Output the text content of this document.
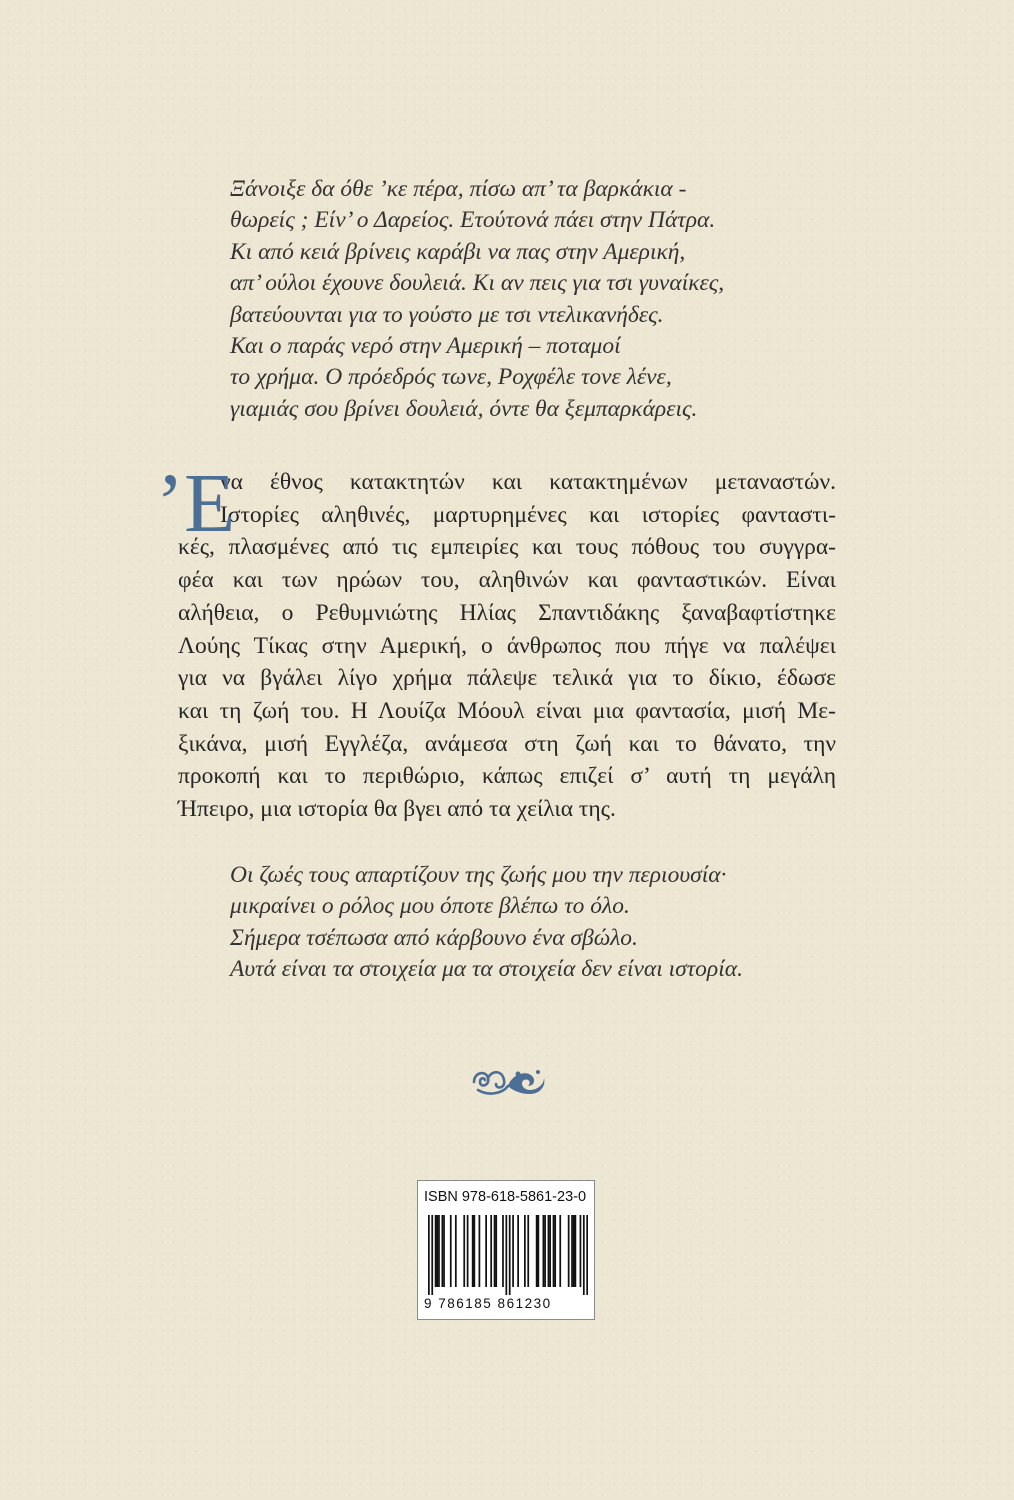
Ξάνοιξε δα όθε ’κε πέρα, πίσω απ’ τα βαρκάκια -
θωρείς ; Είν’ ο Δαρείος. Ετούτονά πάει στην Πάτρα.
Κι από κειά βρίνεις καράβι να πας στην Αμερική,
απ’ ούλοι έχουνε δουλειά. Κι αν πεις για τσι γυναίκες,
βατεύουνται για το γούστο με τσι ντελικανήδες.
Και ο παράς νερό στην Αμερική – ποταμοί
το χρήμα. Ο πρόεδρός τωνε, Ροχφέλε τονε λένε,
γιαμιάς σου βρίνει δουλειά, όντε θα ξεμπαρκάρεις.
’Ε
να έθνος κατακτητών και κατακτημένων μεταναστών.
Ιστορίες αληθινές, μαρτυρημένες και ιστορίες φανταστι-
κές, πλασμένες από τις εμπειρίες και τους πόθους του συγγρα-
φέα και των ηρώων του, αληθινών και φανταστικών. Είναι
αλήθεια, ο Ρεθυμνιώτης Ηλίας Σπαντιδάκης ξαναβαφτίστηκε
Λούης Τίκας στην Αμερική, ο άνθρωπος που πήγε να παλέψει
για να βγάλει λίγο χρήμα πάλεψε τελικά για το δίκιο, έδωσε
και τη ζωή του. Η Λουίζα Μόουλ είναι μια φαντασία, μισή Με-
ξικάνα, μισή Εγγλέζα, ανάμεσα στη ζωή και το θάνατο, την
προκοπή και το περιθώριο, κάπως επιζεί σ’ αυτή τη μεγάλη
Ήπειρο, μια ιστορία θα βγει από τα χείλια της.
Οι ζωές τους απαρτίζουν της ζωής μου την περιουσία·
μικραίνει ο ρόλος μου όποτε βλέπω το όλο.
Σήμερα τσέπωσα από κάρβουνο ένα σβώλο.
Αυτά είναι τα στοιχεία μα τα στοιχεία δεν είναι ιστορία.
ISBN 978-618-5861-23-0
9 786185 861230
